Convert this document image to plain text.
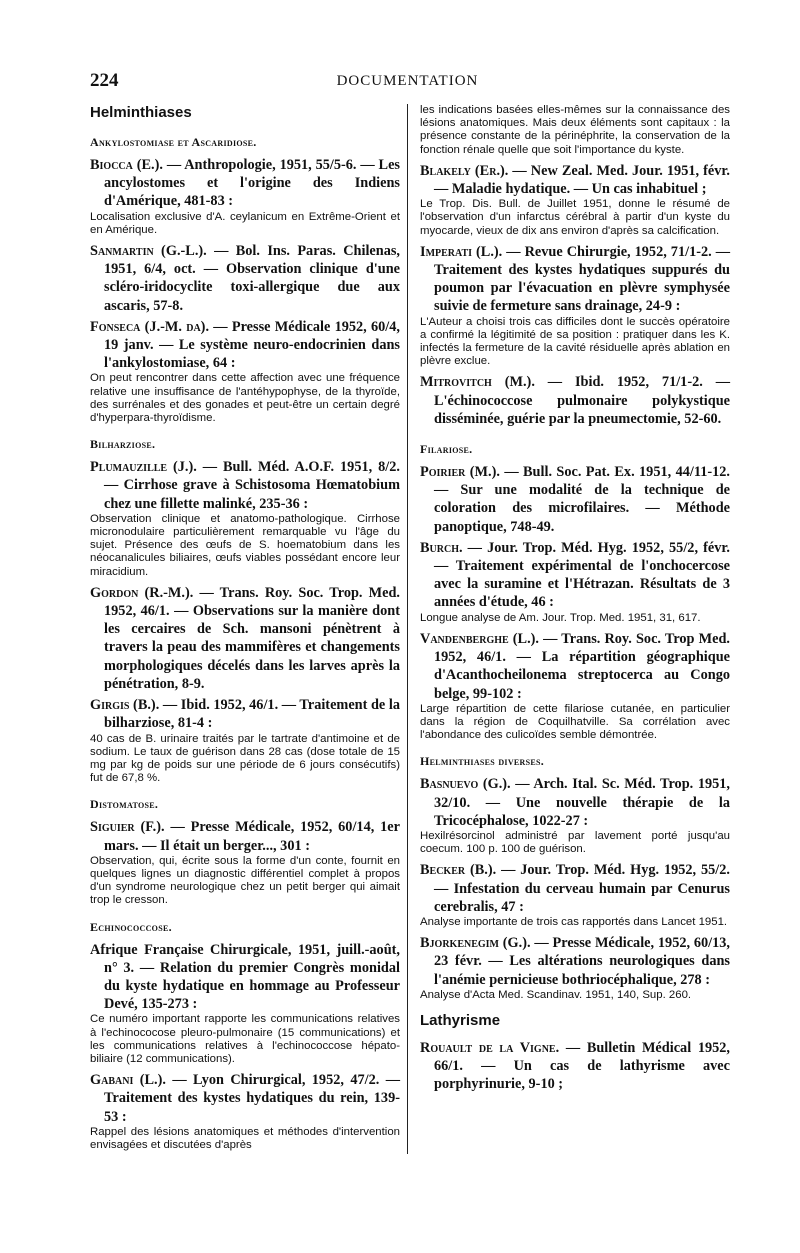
224	DOCUMENTATION
Helminthiases
Ankylostomiase et Ascaridiose.
Biocca (E.). — Anthropologie, 1951, 55/5-6. — Les ancylostomes et l'origine des Indiens d'Amérique, 481-83 :
Localisation exclusive d'A. ceylanicum en Extrême-Orient et en Amérique.
Sanmartin (G.-L.). — Bol. Ins. Paras. Chilenas, 1951, 6/4, oct. — Observation clinique d'une scléro-iridocyclite toxi-allergique due aux ascaris, 57-8.
Fonseca (J.-M. da). — Presse Médicale 1952, 60/4, 19 janv. — Le système neuro-endocrinien dans l'ankylostomiase, 64 :
On peut rencontrer dans cette affection avec une fréquence relative une insuffisance de l'antéhypophyse, de la thyroïde, des surrénales et des gonades et peut-être un certain degré d'hyperpara-thyroïdisme.
Bilharziose.
Plumauzille (J.). — Bull. Méd. A.O.F. 1951, 8/2. — Cirrhose grave à Schistosoma Hœmatobium chez une fillette malinké, 235-36 :
Observation clinique et anatomo-pathologique. Cirrhose micronodulaire particulièrement remarquable vu l'âge du sujet. Présence des œufs de S. hoematobium dans les néocanalicules biliaires, œufs viables possédant encore leur miracidium.
Gordon (R.-M.). — Trans. Roy. Soc. Trop. Med. 1952, 46/1. — Observations sur la manière dont les cercaires de Sch. mansoni pénètrent à travers la peau des mammifères et changements morphologiques décelés dans les larves après la pénétration, 8-9.
Girgis (B.). — Ibid. 1952, 46/1. — Traitement de la bilharziose, 81-4 :
40 cas de B. urinaire traités par le tartrate d'antimoine et de sodium. Le taux de guérison dans 28 cas (dose totale de 15 mg par kg de poids sur une période de 6 jours consécutifs) fut de 67,8 %.
Distomatose.
Siguier (F.). — Presse Médicale, 1952, 60/14, 1er mars. — Il était un berger..., 301 :
Observation, qui, écrite sous la forme d'un conte, fournit en quelques lignes un diagnostic différentiel complet à propos d'un syndrome neurologique chez un petit berger qui aimait trop le cresson.
Echinococcose.
Afrique Française Chirurgicale, 1951, juill.-août, n° 3. — Relation du premier Congrès monidal du kyste hydatique en hommage au Professeur Devé, 135-273 :
Ce numéro important rapporte les communications relatives à l'echinococose pleuro-pulmonaire (15 communications) et les communications relatives à l'echinococcose hépato-biliaire (12 communications).
Gabani (L.). — Lyon Chirurgical, 1952, 47/2. — Traitement des kystes hydatiques du rein, 139-53 :
Rappel des lésions anatomiques et méthodes d'intervention envisagées et discutées d'après
les indications basées elles-mêmes sur la connaissance des lésions anatomiques. Mais deux éléments sont capitaux : la présence constante de la périnéphrite, la conservation de la fonction rénale quelle que soit l'importance du kyste.
Blakely (Er.). — New Zeal. Med. Jour. 1951, févr. — Maladie hydatique. — Un cas inhabituel ;
Le Trop. Dis. Bull. de Juillet 1951, donne le résumé de l'observation d'un infarctus cérébral à partir d'un kyste du myocarde, vieux de dix ans environ d'après sa calcification.
Imperati (L.). — Revue Chirurgie, 1952, 71/1-2. — Traitement des kystes hydatiques suppurés du poumon par l'évacuation en plèvre symphysée suivie de fermeture sans drainage, 24-9 :
L'Auteur a choisi trois cas difficiles dont le succès opératoire a confirmé la légitimité de sa position : pratiquer dans les K. infectés la fermeture de la cavité résiduelle après ablation en plèvre exclue.
Mitrovitch (M.). — Ibid. 1952, 71/1-2. — L'échinococcose pulmonaire polykystique disséminée, guérie par la pneumectomie, 52-60.
Filariose.
Poirier (M.). — Bull. Soc. Pat. Ex. 1951, 44/11-12. — Sur une modalité de la technique de coloration des microfilaires. — Méthode panoptique, 748-49.
Burch. — Jour. Trop. Méd. Hyg. 1952, 55/2, févr. — Traitement expérimental de l'onchocercose avec la suramine et l'Hétrazan. Résultats de 3 années d'étude, 46 :
Longue analyse de Am. Jour. Trop. Med. 1951, 31, 617.
Vandenberghe (L.). — Trans. Roy. Soc. Trop Med. 1952, 46/1. — La répartition géographique d'Acanthocheilonema streptocerca au Congo belge, 99-102 :
Large répartition de cette filariose cutanée, en particulier dans la région de Coquilhatville. Sa corrélation avec l'abondance des culicoïdes semble démontrée.
Helminthiases diverses.
Basnuevo (G.). — Arch. Ital. Sc. Méd. Trop. 1951, 32/10. — Une nouvelle thérapie de la Tricocéphalose, 1022-27 :
Hexilrésorcinol administré par lavement porté jusqu'au coecum. 100 p. 100 de guérison.
Becker (B.). — Jour. Trop. Méd. Hyg. 1952, 55/2. — Infestation du cerveau humain par Cenurus cerebralis, 47 :
Analyse importante de trois cas rapportés dans Lancet 1951.
Bjorkenegim (G.). — Presse Médicale, 1952, 60/13, 23 févr. — Les altérations neurologiques dans l'anémie pernicieuse bothriocéphalique, 278 :
Analyse d'Acta Med. Scandinav. 1951, 140, Sup. 260.
Lathyrisme
Rouault de la Vigne. — Bulletin Médical 1952, 66/1. — Un cas de lathyrisme avec porphyrinurie, 9-10 ;
